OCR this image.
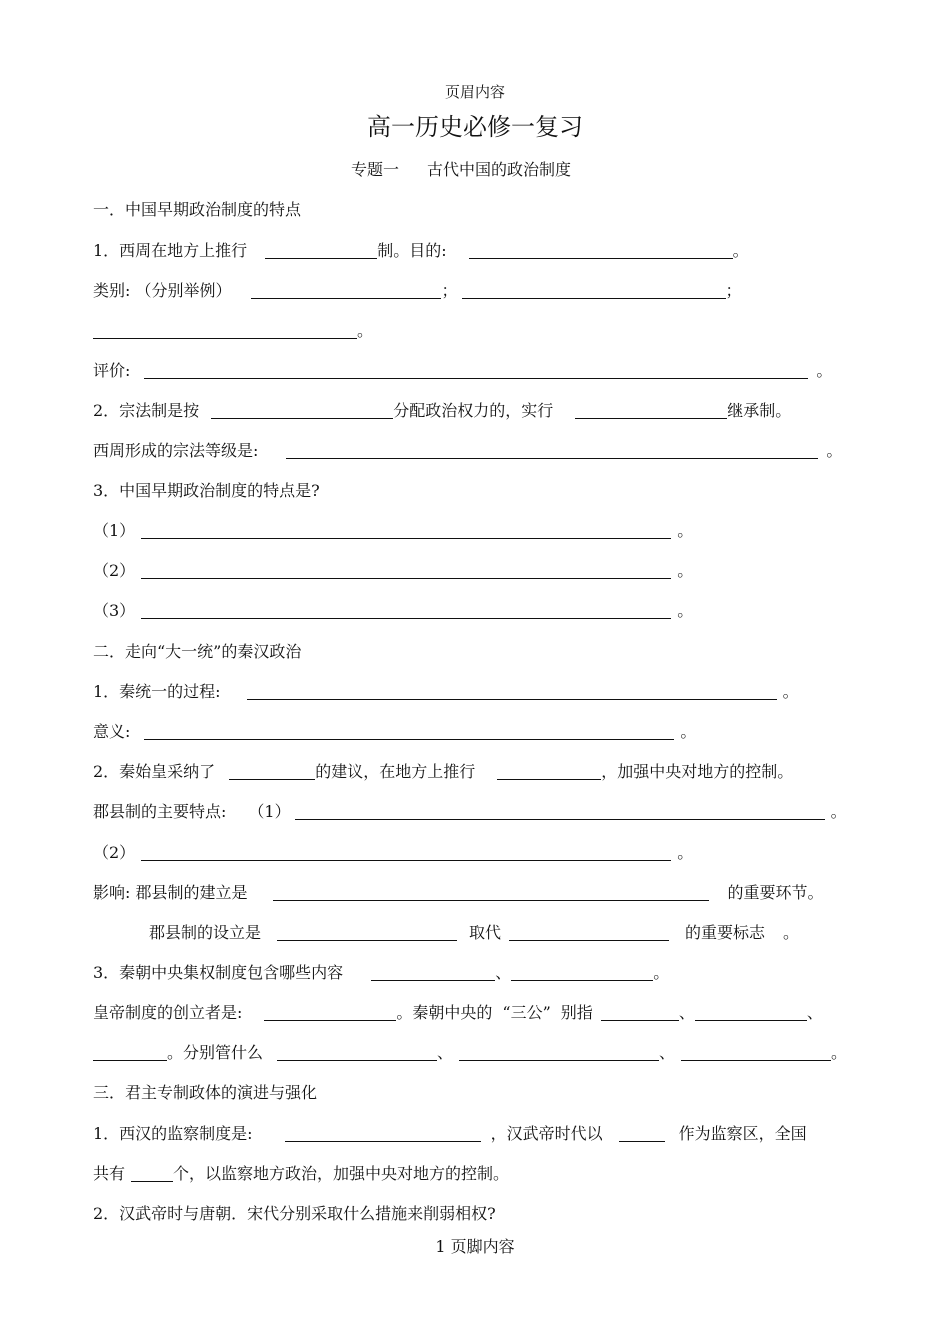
页眉内容
高一历史必修一复习
专题一 古代中国的政治制度
一．中国早期政治制度的特点
1．西周在地方上推行	制。目的:	。
类别: （分别举例）	；	；
。
评价:	。
2．宗法制是按	分配政治权力的，实行	继承制。
西周形成的宗法等级是:	。
3．中国早期政治制度的特点是?
（1）	。
（2）	。
（3）	。
二．走向“大一统”的秦汉政治
1．秦统一的过程:	。
意义:	。
2．秦始皇采纳了	的建议，在地方上推行	，加强中央对地方的控制。
郡县制的主要特点: （1）	。
（2）	。
影响: 郡县制的建立是	的重要环节。
郡县制的设立是	取代	的重要标志 。
3．秦朝中央集权制度包含哪些内容	、	。
皇帝制度的创立者是:	。秦朝中央的 “三公” 别指	、	、
。分别管什么	、	、	。
三．君主专制政体的演进与强化
1．西汉的监察制度是:	，汉武帝时代以	作为监察区，全国
共有	个，以监察地方政治，加强中央对地方的控制。
2．汉武帝时与唐朝．宋代分别采取什么措施来削弱相权?
1 页脚内容
